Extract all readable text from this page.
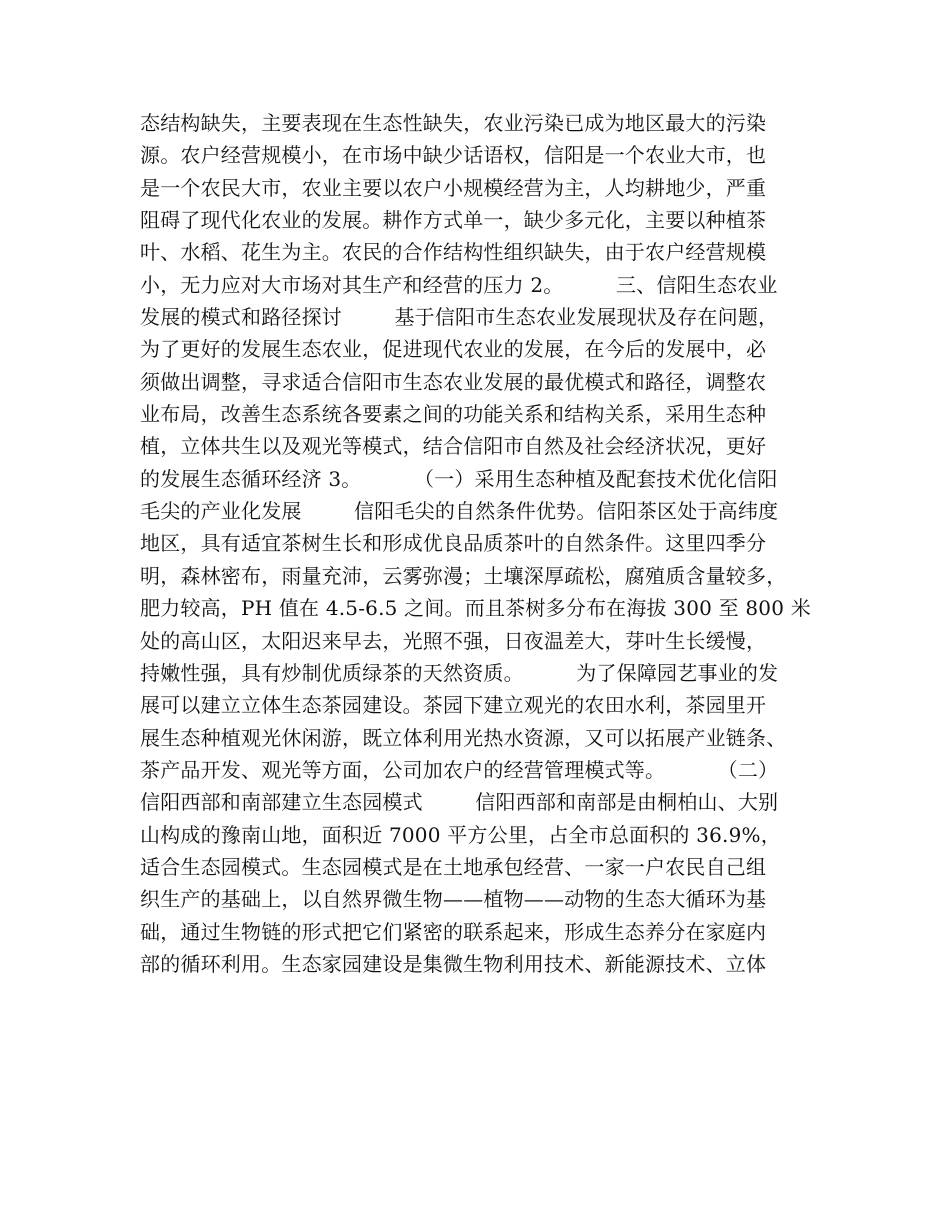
态结构缺失，主要表现在生态性缺失，农业污染已成为地区最大的污染
源。农户经营规模小，在市场中缺少话语权，信阳是一个农业大市，也
是一个农民大市，农业主要以农户小规模经营为主，人均耕地少，严重
阻碍了现代化农业的发展。耕作方式单一，缺少多元化，主要以种植茶
叶、水稻、花生为主。农民的合作结构性组织缺失，由于农户经营规模
小，无力应对大市场对其生产和经营的压力 2。        三、信阳生态农业
发展的模式和路径探讨        基于信阳市生态农业发展现状及存在问题，
为了更好的发展生态农业，促进现代农业的发展，在今后的发展中，必
须做出调整，寻求适合信阳市生态农业发展的最优模式和路径，调整农
业布局，改善生态系统各要素之间的功能关系和结构关系，采用生态种
植，立体共生以及观光等模式，结合信阳市自然及社会经济状况，更好
的发展生态循环经济 3。        （一）采用生态种植及配套技术优化信阳
毛尖的产业化发展        信阳毛尖的自然条件优势。信阳茶区处于高纬度
地区，具有适宜茶树生长和形成优良品质茶叶的自然条件。这里四季分
明，森林密布，雨量充沛，云雾弥漫；土壤深厚疏松，腐殖质含量较多，
肥力较高，PH 值在 4.5-6.5 之间。而且茶树多分布在海拔 300 至 800 米
处的高山区，太阳迟来早去，光照不强，日夜温差大，芽叶生长缓慢，
持嫩性强，具有炒制优质绿茶的天然资质。        为了保障园艺事业的发
展可以建立立体生态茶园建设。茶园下建立观光的农田水利，茶园里开
展生态种植观光休闲游，既立体利用光热水资源，又可以拓展产业链条、
茶产品开发、观光等方面，公司加农户的经营管理模式等。        （二）
信阳西部和南部建立生态园模式        信阳西部和南部是由桐柏山、大别
山构成的豫南山地，面积近 7000 平方公里，占全市总面积的 36.9%，
适合生态园模式。生态园模式是在土地承包经营、一家一户农民自己组
织生产的基础上，以自然界微生物——植物——动物的生态大循环为基
础，通过生物链的形式把它们紧密的联系起来，形成生态养分在家庭内
部的循环利用。生态家园建设是集微生物利用技术、新能源技术、立体
